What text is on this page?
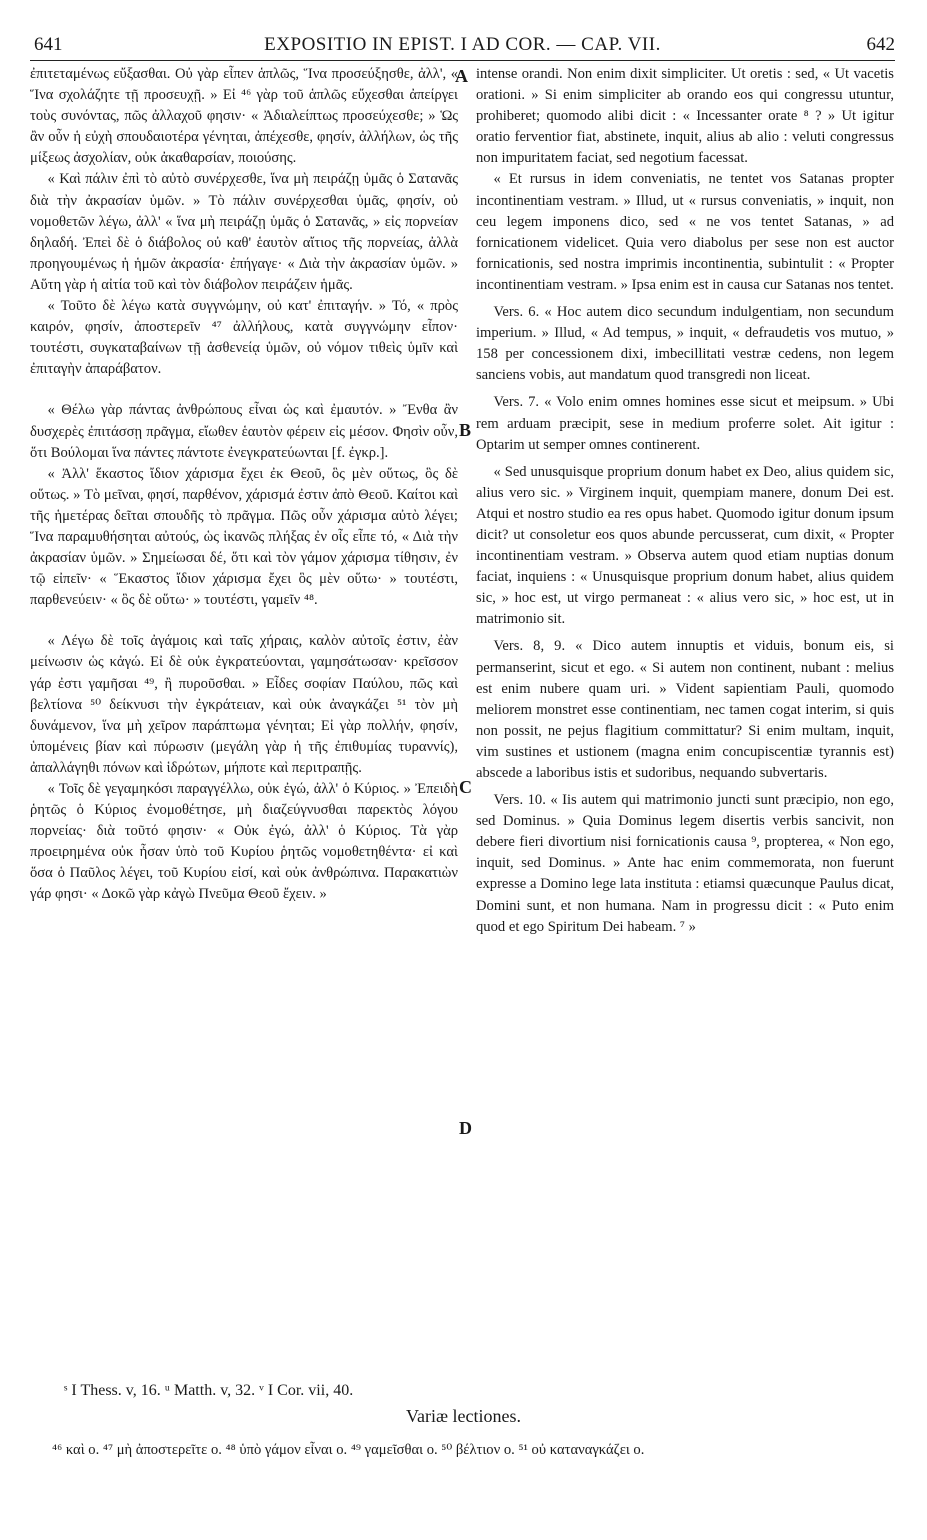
641	EXPOSITIO IN EPIST. I AD COR. — CAP. VII.	642

ἐπιτεταμένως εὔξασθαι. Οὐ γὰρ εἶπεν ἁπλῶς, Ἵνα προσεύξησθε, ἀλλ', « Ἵνα σχολάζητε τῇ προσευχῇ. » Εἰ ⁴⁶ γὰρ τοῦ ἁπλῶς εὔχεσθαι ἀπείργει τοὺς συνόντας, πῶς ἀλλαχοῦ φησιν· « Ἀδιαλείπτως προσεύχεσθε; » Ὡς ἂν οὖν ἡ εὐχὴ σπουδαιοτέρα γένηται, ἀπέχεσθε, φησίν, ἀλλήλων, ὡς τῆς μίξεως ἀσχολίαν, οὐκ ἀκαθαρσίαν, ποιούσης.

« Καὶ πάλιν ἐπὶ τὸ αὐτὸ συνέρχεσθε, ἵνα μὴ πειράζῃ ὑμᾶς ὁ Σατανᾶς διὰ τὴν ἀκρασίαν ὑμῶν. » Τὸ πάλιν συνέρχεσθαι ὑμᾶς, φησίν, οὐ νομοθετῶν λέγω, ἀλλ' « ἵνα μὴ πειράζῃ ὑμᾶς ὁ Σατανᾶς, » εἰς πορνείαν δηλαδή. Ἐπεὶ δὲ ὁ διάβολος οὐ καθ' ἑαυτὸν αἴτιος τῆς πορνείας, ἀλλὰ προηγουμένως ἡ ἡμῶν ἀκρασία· ἐπήγαγε· « Διὰ τὴν ἀκρασίαν ὑμῶν. » Αὕτη γὰρ ἡ αἰτία τοῦ καὶ τὸν διάβολον πειράζειν ἡμᾶς.

« Τοῦτο δὲ λέγω κατὰ συγγνώμην, οὐ κατ' ἐπιταγήν. » Τό, « πρὸς καιρόν, φησίν, ἀποστερεῖν ⁴⁷ ἀλλήλους, κατὰ συγγνώμην εἶπον· τουτέστι, συγκαταβαίνων τῇ ἀσθενείᾳ ὑμῶν, οὐ νόμον τιθεὶς ὑμῖν καὶ ἐπιταγὴν ἀπαράβατον.

« Θέλω γὰρ πάντας ἀνθρώπους εἶναι ὡς καὶ ἐμαυτόν. » Ἔνθα ἂν δυσχερὲς ἐπιτάσσῃ πρᾶγμα, εἴωθεν ἑαυτὸν φέρειν εἰς μέσον. Φησὶν οὖν, ὅτι Βούλομαι ἵνα πάντες πάντοτε ἐνεγκρατεύωνται [f. ἐγκρ.].

« Ἀλλ' ἕκαστος ἴδιον χάρισμα ἔχει ἐκ Θεοῦ, ὃς μὲν οὕτως, ὃς δὲ οὕτως. » Τὸ μεῖναι, φησί, παρθένον, χάρισμά ἐστιν ἀπὸ Θεοῦ. Καίτοι καὶ τῆς ἡμετέρας δεῖται σπουδῆς τὸ πρᾶγμα. Πῶς οὖν χάρισμα αὐτὸ λέγει; Ἵνα παραμυθήσηται αὐτούς, ὡς ἱκανῶς πλήξας ἐν οἷς εἶπε τό, « Διὰ τὴν ἀκρασίαν ὑμῶν. » Σημείωσαι δέ, ὅτι καὶ τὸν γάμον χάρισμα τίθησιν, ἐν τῷ εἰπεῖν· « Ἕκαστος ἴδιον χάρισμα ἔχει ὃς μὲν οὕτω· » τουτέστι, παρθενεύειν· « ὃς δὲ οὕτω· » τουτέστι, γαμεῖν ⁴⁸.

« Λέγω δὲ τοῖς ἀγάμοις καὶ ταῖς χήραις, καλὸν αὐτοῖς ἐστιν, ἐὰν μείνωσιν ὡς κἀγώ. Εἰ δὲ οὐκ ἐγκρατεύονται, γαμησάτωσαν· κρεῖσσον γάρ ἐστι γαμῆσαι ⁴⁹, ἢ πυροῦσθαι. » Εἶδες σοφίαν Παύλου, πῶς καὶ βελτίονα ⁵⁰ δείκνυσι τὴν ἐγκράτειαν, καὶ οὐκ ἀναγκάζει ⁵¹ τὸν μὴ δυνάμενον, ἵνα μὴ χεῖρον παράπτωμα γένηται; Εἰ γὰρ πολλήν, φησίν, ὑπομένεις βίαν καὶ πύρωσιν (μεγάλη γὰρ ἡ τῆς ἐπιθυμίας τυραννίς), ἀπαλλάγηθι πόνων καὶ ἱδρώτων, μήποτε καὶ περιτραπῇς.

« Τοῖς δὲ γεγαμηκόσι παραγγέλλω, οὐκ ἐγώ, ἀλλ' ὁ Κύριος. » Ἐπειδὴ ῥητῶς ὁ Κύριος ἐνομοθέτησε, μὴ διαζεύγνυσθαι παρεκτὸς λόγου πορνείας· διὰ τοῦτό φησιν· « Οὐκ ἐγώ, ἀλλ' ὁ Κύριος. Τὰ γὰρ προειρημένα οὐκ ἦσαν ὑπὸ τοῦ Κυρίου ῥητῶς νομοθετηθέντα· εἰ καὶ ὅσα ὁ Παῦλος λέγει, τοῦ Κυρίου εἰσί, καὶ οὐκ ἀνθρώπινα. Παρακατιὼν γάρ φησι· « Δοκῶ γὰρ κἀγὼ Πνεῦμα Θεοῦ ἔχειν. »

A
B
C
D

intense orandi. Non enim dixit simpliciter. Ut oretis : sed, « Ut vacetis orationi. » Si enim simpliciter ab orando eos qui congressu utuntur, prohiberet; quomodo alibi dicit : « Incessanter orate ⁸ ? » Ut igitur oratio ferventior fiat, abstinete, inquit, alius ab alio : veluti congressus non impuritatem faciat, sed negotium facessat.

« Et rursus in idem conveniatis, ne tentet vos Satanas propter incontinentiam vestram. » Illud, ut « rursus conveniatis, » inquit, non ceu legem imponens dico, sed « ne vos tentet Satanas, » ad fornicationem videlicet. Quia vero diabolus per sese non est auctor fornicationis, sed nostra imprimis incontinentia, subintulit : « Propter incontinentiam vestram. » Ipsa enim est in causa cur Satanas nos tentet.

Vers. 6. « Hoc autem dico secundum indulgentiam, non secundum imperium. » Illud, « Ad tempus, » inquit, « defraudetis vos mutuo, » 158 per concessionem dixi, imbecillitati vestræ cedens, non legem sanciens vobis, aut mandatum quod transgredi non liceat.

Vers. 7. « Volo enim omnes homines esse sicut et meipsum. » Ubi rem arduam præcipit, sese in medium proferre solet. Ait igitur : Optarim ut semper omnes continerent.

« Sed unusquisque proprium donum habet ex Deo, alius quidem sic, alius vero sic. » Virginem inquit, quempiam manere, donum Dei est. Atqui et nostro studio ea res opus habet. Quomodo igitur donum ipsum dicit? ut consoletur eos quos abunde percusserat, cum dixit, « Propter incontinentiam vestram. » Observa autem quod etiam nuptias donum faciat, inquiens : « Unusquisque proprium donum habet, alius quidem sic, » hoc est, ut virgo permaneat : « alius vero sic, » hoc est, ut in matrimonio sit.

Vers. 8, 9. « Dico autem innuptis et viduis, bonum eis, si permanserint, sicut et ego. « Si autem non continent, nubant : melius est enim nubere quam uri. » Vident sapientiam Pauli, quomodo meliorem monstret esse continentiam, nec tamen cogat interim, si quis non possit, ne pejus flagitium committatur? Si enim multam, inquit, vim sustines et ustionem (magna enim concupiscentiæ tyrannis est) abscede a laboribus istis et sudoribus, nequando subvertaris.

Vers. 10. « Iis autem qui matrimonio juncti sunt præcipio, non ego, sed Dominus. » Quia Dominus legem disertis verbis sancivit, non debere fieri divortium nisi fornicationis causa ⁹, propterea, « Non ego, inquit, sed Dominus. » Ante hac enim commemorata, non fuerunt expresse a Domino lege lata instituta : etiamsi quæcunque Paulus dicat, Domini sunt, et non humana. Nam in progressu dicit : « Puto enim quod et ego Spiritum Dei habeam. ⁷ »

ˢ I Thess. v, 16. ᵘ Matth. v, 32. ᵛ I Cor. vii, 40.
Variæ lectiones.
⁴⁶ καὶ ο. ⁴⁷ μὴ ἀποστερεῖτε ο. ⁴⁸ ὑπὸ γάμον εἶναι ο. ⁴⁹ γαμεῖσθαι ο. ⁵⁰ βέλτιον ο. ⁵¹ οὐ καταναγκάζει ο.
